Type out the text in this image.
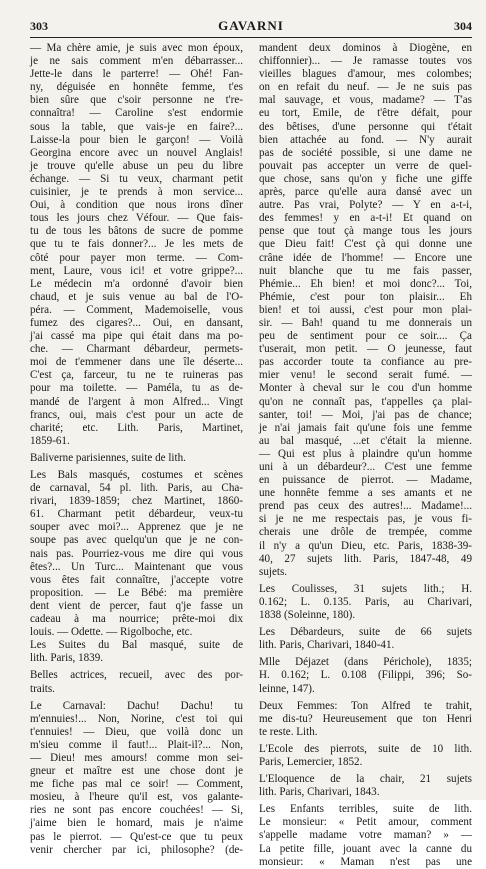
303	GAVARNI	304
— Ma chère amie, je suis avec mon époux,
je ne sais comment m'en débarrasser...
Jette-le dans le parterre! — Ohé! Fan-
ny, déguisée en honnête femme, t'es
bien sûre que c'soir personne ne t're-
connaîtra! — Caroline s'est endormie
sous la table, que vais-je en faire?...
Laisse-la pour bien le garçon! — Voilà
Georgina encore avec un nouvel Anglais!
je trouve qu'elle abuse un peu du libre
échange. — Si tu veux, charmant petit
cuisinier, je te prends à mon service...
Oui, à condition que nous irons dîner
tous les jours chez Véfour. — Que fais-
tu de tous les bâtons de sucre de pomme
que tu te fais donner?... Je les mets de
côté pour payer mon terme. — Com-
ment, Laure, vous ici! et votre grippe?...
Le médecin m'a ordonné d'avoir bien
chaud, et je suis venue au bal de l'O-
péra. — Comment, Mademoiselle, vous
fumez des cigares?... Oui, en dansant,
j'ai cassé ma pipe qui était dans ma po-
che. — Charmant débardeur, permets-
moi de t'emmener dans une île déserte...
C'est ça, farceur, tu ne te ruineras pas
pour ma toilette. — Paméla, tu as de-
mandé de l'argent à mon Alfred... Vingt
francs, oui, mais c'est pour un acte de
charité; etc. Lith. Paris, Martinet,
1859-61.
Baliverne parisiennes, suite de lith.
Les Bals masqués, costumes et scènes
de carnaval, 54 pl. lith. Paris, au Cha-
rivari, 1839-1859; chez Martinet, 1860-
61. Charmant petit débardeur, veux-tu
souper avec moi?... Apprenez que je ne
soupe pas avec quelqu'un que je ne con-
nais pas. Pourriez-vous me dire qui vous
êtes?... Un Turc... Maintenant que vous
vous êtes fait connaître, j'accepte votre
proposition. — Le Bébé: ma première
dent vient de percer, faut q'je fasse un
cadeau à ma nourrice; prête-moi dix
louis. — Odette. — Rigolboche, etc.
Les Suites du Bal masqué, suite de
lith. Paris, 1839.
Belles actrices, recueil, avec des por-
traits.
Le Carnaval: Dachu! Dachu! tu
m'ennuies!... Non, Norine, c'est toi qui
t'ennuies! — Dieu, que voilà donc un
m'sieu comme il faut!... Plait-il?... Non,
— Dieu! mes amours! comme mon sei-
gneur et maître est une chose dont je
me fiche pas mal ce soir! — Comment,
mosieu, à l'heure qu'il est, vos galante-
ries ne sont pas encore couchées! — Si,
j'aime bien le homard, mais je n'aime
pas le pierrot. — Qu'est-ce que tu peux
venir chercher par ici, philosophe? (de-
mandent deux dominos à Diogène, en
chiffonnier)... — Je ramasse toutes vos
vieilles blagues d'amour, mes colombes;
on en refait du neuf. — Je ne suis pas
mal sauvage, et vous, madame? — T'as
eu tort, Emile, de t'être défait, pour
des bêtises, d'une personne qui t'était
bien attachée au fond. — N'y aurait
pas de société possible, si une dame ne
pouvait pas accepter un verre de quel-
que chose, sans qu'on y fiche une giffe
après, parce qu'elle aura dansé avec un
autre. Pas vrai, Polyte? — Y en a-t-i,
des femmes! y en a-t-i! Et quand on
pense que tout çà mange tous les jours
que Dieu fait! C'est çà qui donne une
crâne idée de l'homme! — Encore une
nuit blanche que tu me fais passer,
Phémie... Eh bien! et moi donc?... Toi,
Phémie, c'est pour ton plaisir... Eh
bien! et toi aussi, c'est pour mon plai-
sir. — Bah! quand tu me donnerais un
peu de sentiment pour ce soir.... Ça
t'userait, mon petit. — O jeunesse, faut
pas accorder toute ta confiance au pre-
mier venu! le second serait fumé. —
Monter à cheval sur le cou d'un homme
qu'on ne connaît pas, t'appelles ça plai-
santer, toi! — Moi, j'ai pas de chance;
je n'ai jamais fait qu'une fois une femme
au bal masqué, ...et c'était la mienne.
— Qui est plus à plaindre qu'un homme
uni à un débardeur?... C'est une femme
en puissance de pierrot. — Madame,
une honnête femme a ses amants et ne
prend pas ceux des autres!... Madame!...
si je ne me respectais pas, je vous fi-
cherais une drôle de trempée, comme
il n'y a qu'un Dieu, etc. Paris, 1838-39-
40, 27 sujets lith. Paris, 1847-48, 49
sujets.
Les Coulisses, 31 sujets lith.; H.
0.162; L. 0.135. Paris, au Charivari,
1838 (Soleinne, 180).
Les Débardeurs, suite de 66 sujets
lith. Paris, Charivari, 1840-41.
Mlle Déjazet (dans Périchole), 1835;
H. 0.162; L. 0.108 (Filippi, 396; So-
leinne, 147).
Deux Femmes: Ton Alfred te trahit,
me dis-tu? Heureusement que ton Henri
te reste. Lith.
L'Ecole des pierrots, suite de 10 lith.
Paris, Lemercier, 1852.
L'Eloquence de la chair, 21 sujets
lith. Paris, Charivari, 1843.
Les Enfants terribles, suite de lith.
Le monsieur: « Petit amour, comment
s'appelle madame votre maman? » —
La petite fille, jouant avec la canne du
monsieur: « Maman n'est pas une
